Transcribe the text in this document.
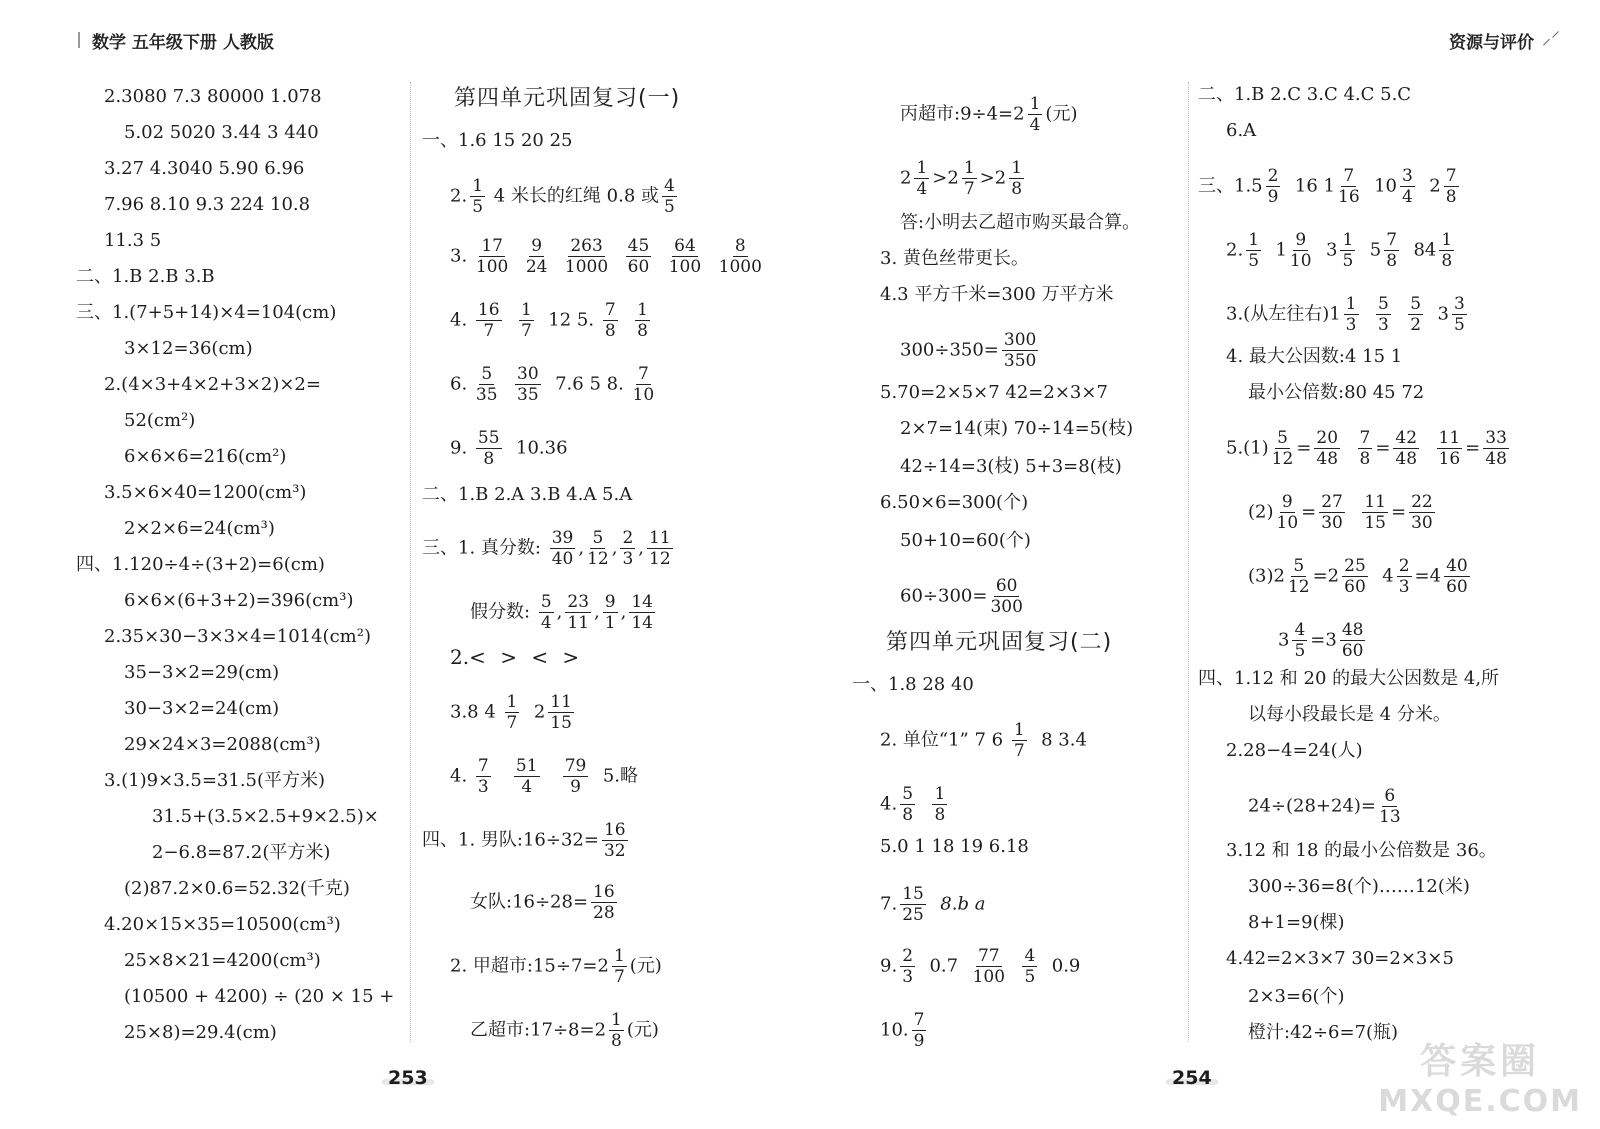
数学 五年级下册 人教版	资源与评价 ⸝⸍
2.3080 7.3 80000 1.078
5.02 5020 3.44 3 440
3.27 4.3040 5.90 6.96
7.96 8.10 9.3 224 10.8
11.3 5
二、1.B 2.B 3.B
三、1.(7+5+14)×4=104(cm)
3×12=36(cm)
2.(4×3+4×2+3×2)×2=
52(cm²)
6×6×6=216(cm²)
3.5×6×40=1200(cm³)
2×2×6=24(cm³)
四、1.120÷4÷(3+2)=6(cm)
6×6×(6+3+2)=396(cm³)
2.35×30−3×3×4=1014(cm²)
35−3×2=29(cm)
30−3×2=24(cm)
29×24×3=2088(cm³)
3.(1)9×3.5=31.5(平方米)
31.5+(3.5×2.5+9×2.5)×
2−6.8=87.2(平方米)
(2)87.2×0.6=52.32(千克)
4.20×15×35=10500(cm³)
25×8×21=4200(cm³)
(10500 + 4200) ÷ (20 × 15 +
25×8)=29.4(cm)
第四单元巩固复习(一)
一、1.6 15 20 25
2. $\frac{1}{5} 4$ 米长的红绳 0.8 或 $\frac{4}{5}$
3. $\frac{17}{100}$
$\frac{9}{24}$
$\frac{263}{1000}$
$\frac{45}{60}$
$\frac{64}{100}$
$\frac{8}{1000}$
4. $\frac{16}{7}$
$\frac{1}{7} 12$ 5. $\frac{7}{8}$
$\frac{1}{8}$
6. $\frac{5}{35}$
$\frac{30}{35} 7.6$ 5 8. $\frac{7}{10}$
9. $\frac{55}{8} 10.36$
二、1.B 2.A 3.B 4.A 5.A
三、1. 真分数: $\frac{39}{40}$ , $\frac{5}{12}$ , $\frac{2}{3}$ , $\frac{11}{12}$
假分数: $\frac{5}{4}$ , $\frac{23}{11}$ , $\frac{9}{1}$ , $\frac{14}{14}$
2.< > < >
3.8 $4 \frac{1}{7} 2 \frac{11}{15}$
4. $\frac{7}{3}$
$\frac{51}{4}$
$\frac{79}{9} 5$.略
四、1. 男队:16÷32= $\frac{16}{32}$
女队:16÷28= $\frac{16}{28}$
2. 甲超市:15÷7=2 $\frac{1}{7}$ (元)
乙超市:17÷8=2 $\frac{1}{8}$ (元)
丙超市:9÷4=2 $\frac{1}{4}$ (元)
$2 \frac{1}{4} >2 \frac{1}{7} >2 \frac{1}{8}$
答:小明去乙超市购买最合算。
3. 黄色丝带更长。
4.3 平方千米=300 万平方米
$300\div 350= \frac{300}{350}$
5.70=2×5×7 42=2×3×7
2×7=14(束) 70÷14=5(枝)
42÷14=3(枝) 5+3=8(枝)
6.50×6=300(个)
50+10=60(个)
$60\div 300= \frac{60}{300}$
第四单元巩固复习(二)
一、1.8 28 40
2. 单位“1” 7 $6 \frac{1}{7} 8$ 3.4
4. $\frac{5}{8}$
$\frac{1}{8}$
5.0 1 18 19 6.18
7. $\frac{15}{25} 8.b$ a
9. $\frac{2}{3} 0.7 \frac{77}{100}$
$\frac{4}{5} 0.9$
10. $\frac{7}{9}$
二、1.B 2.C 3.C 4.C 5.C
6.A
三、$1.5 \frac{2}{9} 16$ $1 \frac{7}{16} 10 \frac{3}{4} 2 \frac{7}{8}$
2. $\frac{1}{5} 1 \frac{9}{10} 3 \frac{1}{5} 5 \frac{7}{8} 84 \frac{1}{8}$
3.(从左往右)$1 \frac{1}{3}$
$\frac{5}{3}$
$\frac{5}{2} 3 \frac{3}{5}$
4. 最大公因数:4 15 1
最小公倍数:80 45 72
$5.(1) \frac{5}{12} = \frac{20}{48}$
$\frac{7}{8} = \frac{42}{48}$
$\frac{11}{16} = \frac{33}{48}$
$(2) \frac{9}{10} = \frac{27}{30}$
$\frac{11}{15} = \frac{22}{30}$
$(3)2 \frac{5}{12} =2 \frac{25}{60} 4 \frac{2}{3} =4 \frac{40}{60}$
$3 \frac{4}{5} =3 \frac{48}{60}$
四、1.12 和 20 的最大公因数是 4,所
以每小段最长是 4 分米。
2.28−4=24(人)
$24\div(28+24)= \frac{6}{13}$
3.12 和 18 的最小公倍数是 36。
300÷36=8(个)……12(米)
8+1=9(棵)
4.42=2×3×7 30=2×3×5
2×3=6(个)
橙汁:42÷6=7(瓶)
253	254	答案圈
MXQE.COM
